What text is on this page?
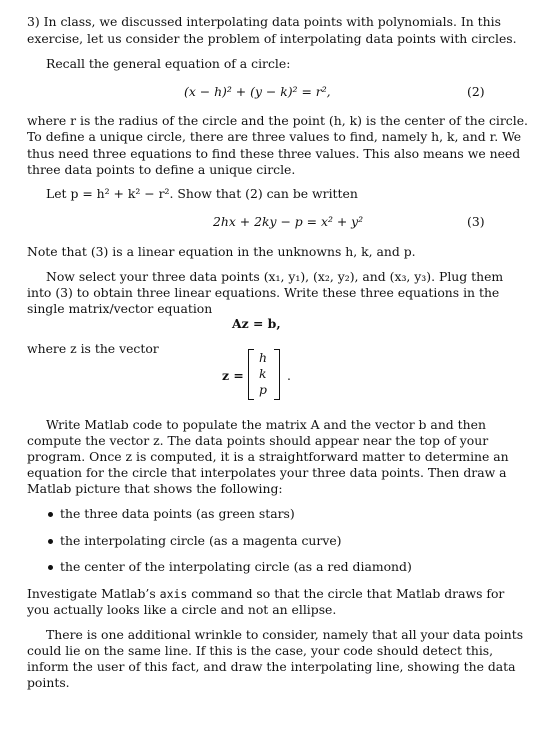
3) In class, we discussed interpolating data points with polynomials. In this
exercise, let us consider the problem of interpolating data points with circles.
Recall the general equation of a circle:
(x − h)² + (y − k)² = r²,	(2)
where r is the radius of the circle and the point (h, k) is the center of the circle.
To define a unique circle, there are three values to find, namely h, k, and r. We
thus need three equations to find these three values. This also means we need
three data points to define a unique circle.
Let p = h² + k² − r². Show that (2) can be written
2hx + 2ky − p = x² + y²	(3)
Note that (3) is a linear equation in the unknowns h, k, and p.
Now select your three data points (x₁, y₁), (x₂, y₂), and (x₃, y₃). Plug them
into (3) to obtain three linear equations. Write these three equations in the
single matrix/vector equation
Az = b,
where z is the vector
z =
h
k
p
.
Write Matlab code to populate the matrix A and the vector b and then
compute the vector z. The data points should appear near the top of your
program. Once z is computed, it is a straightforward matter to determine an
equation for the circle that interpolates your three data points. Then draw a
Matlab picture that shows the following:
the three data points (as green stars)
the interpolating circle (as a magenta curve)
the center of the interpolating circle (as a red diamond)
Investigate Matlab’s axis command so that the circle that Matlab draws for
you actually looks like a circle and not an ellipse.
There is one additional wrinkle to consider, namely that all your data points
could lie on the same line. If this is the case, your code should detect this,
inform the user of this fact, and draw the interpolating line, showing the data
points.
